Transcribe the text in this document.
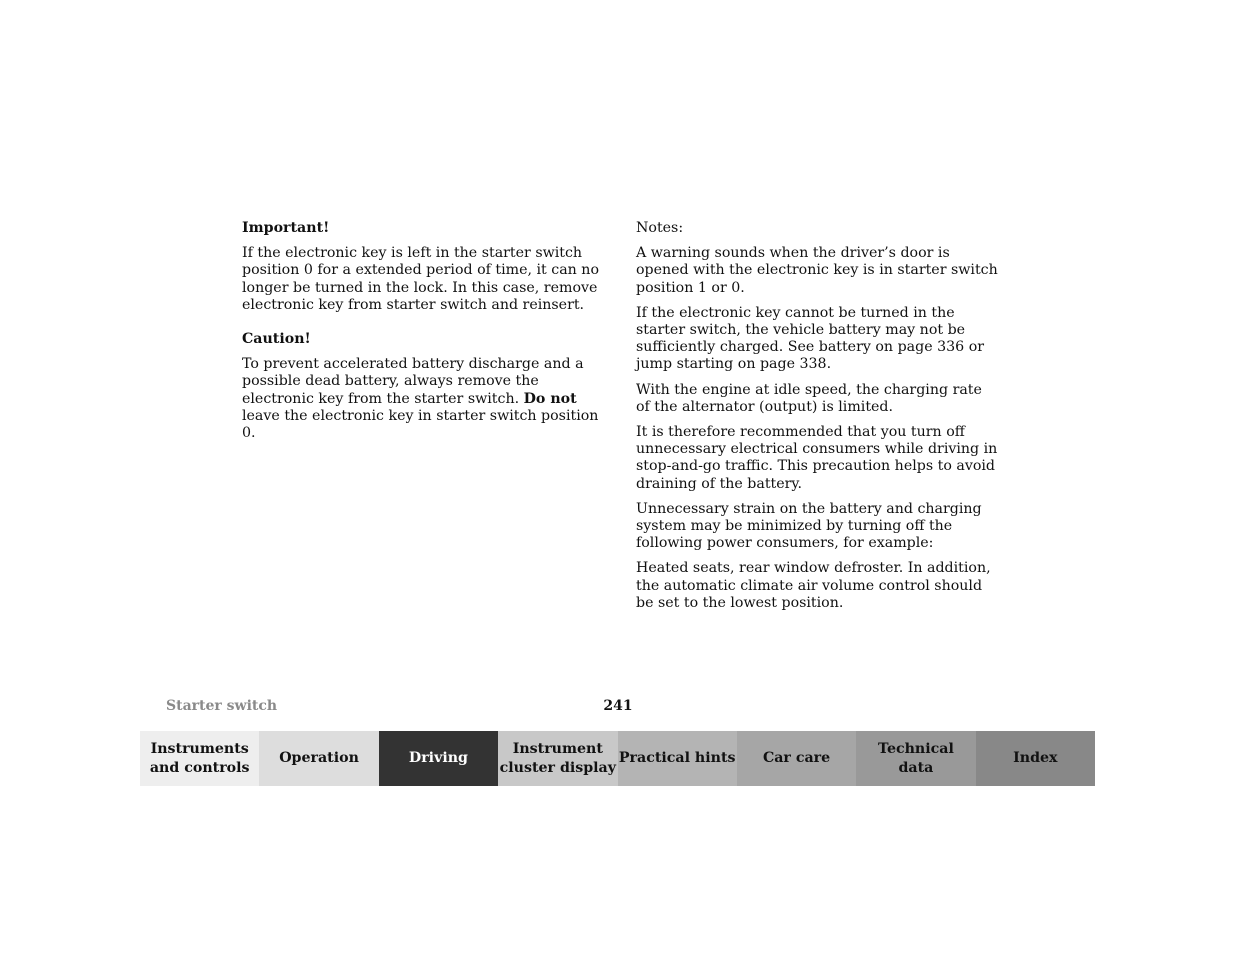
Important!

If the electronic key is left in the starter switch position 0 for a extended period of time, it can no longer be turned in the lock. In this case, remove electronic key from starter switch and reinsert.

Caution!

To prevent accelerated battery discharge and a possible dead battery, always remove the electronic key from the starter switch. Do not leave the electronic key in starter switch position 0.

Notes:

A warning sounds when the driver’s door is opened with the electronic key is in starter switch position 1 or 0.

If the electronic key cannot be turned in the starter switch, the vehicle battery may not be sufficiently charged. See battery on page 336 or jump starting on page 338.

With the engine at idle speed, the charging rate of the alternator (output) is limited.

It is therefore recommended that you turn off unnecessary electrical consumers while driving in stop-and-go traffic. This precaution helps to avoid draining of the battery.

Unnecessary strain on the battery and charging system may be minimized by turning off the following power consumers, for example:

Heated seats, rear window defroster. In addition, the automatic climate air volume control should be set to the lowest position.

Starter switch	241
Instruments
and controls
Operation	Driving
Instrument
cluster display
Practical hints	Car care
Technical
data
Index
